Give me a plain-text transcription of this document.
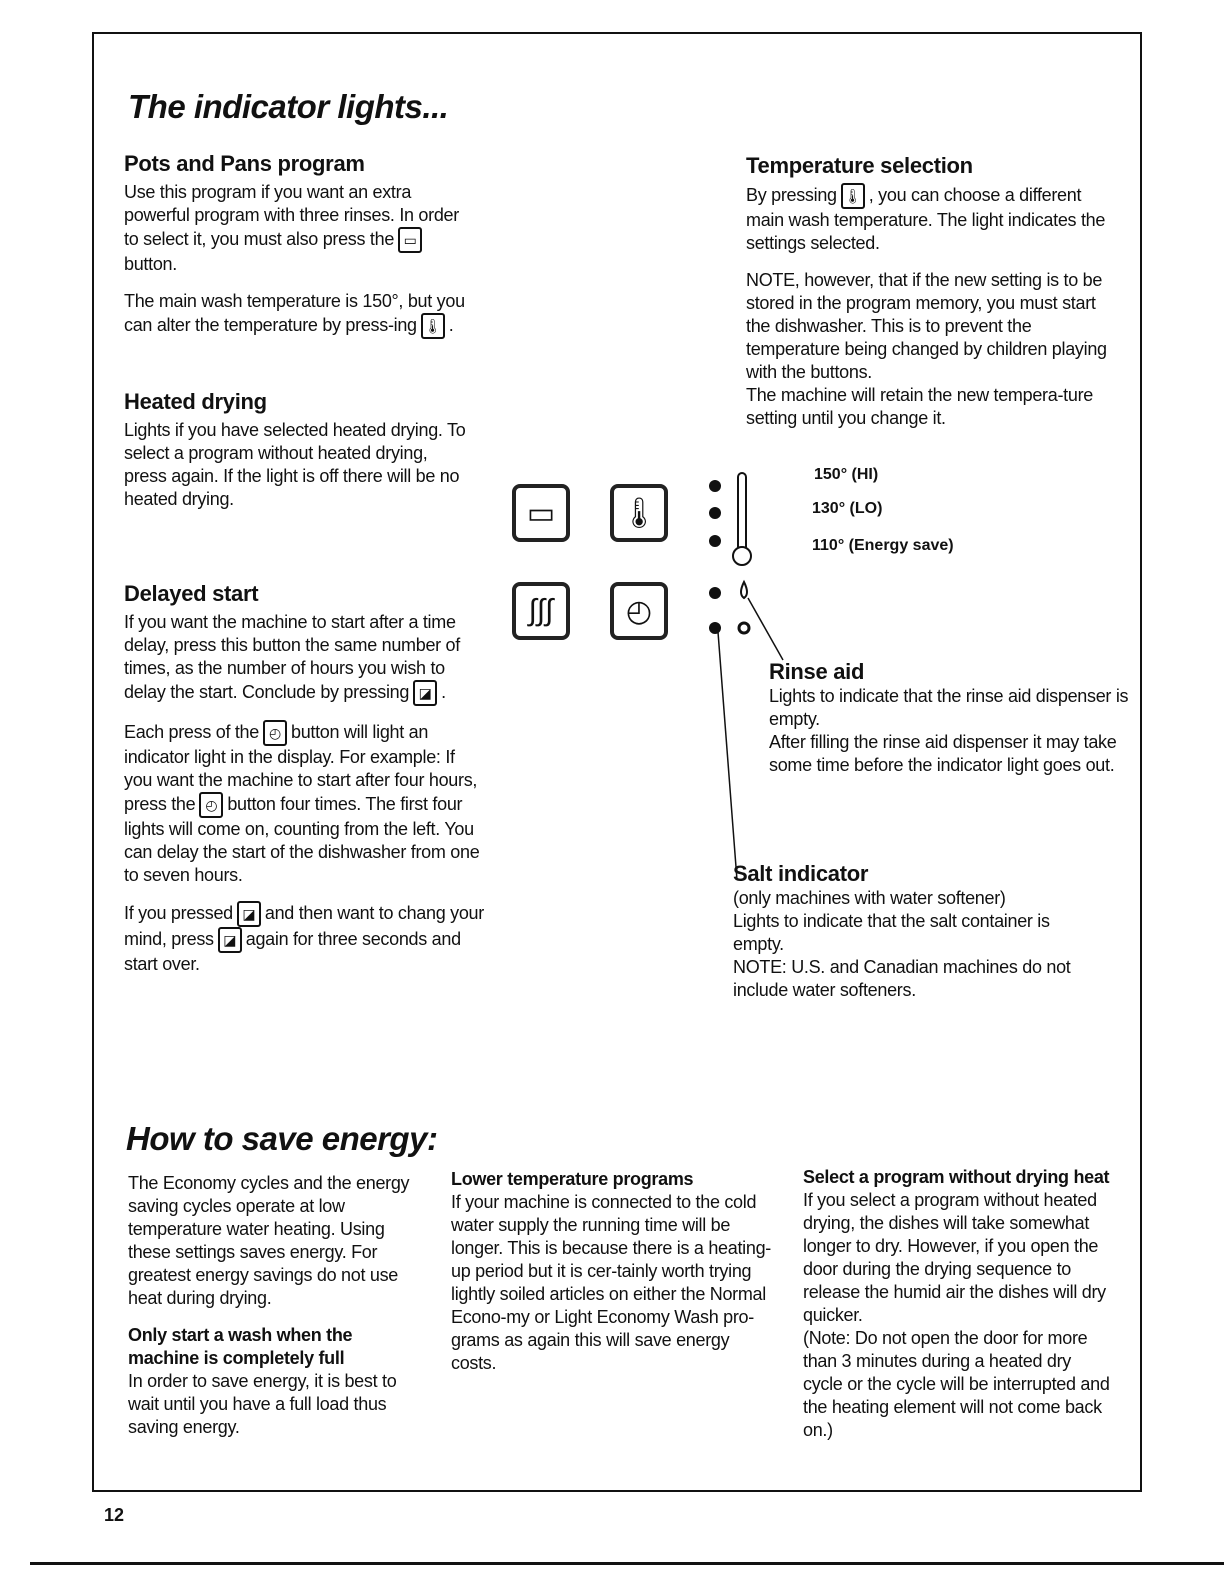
The indicator lights...
Pots and Pans program

Use this program if you want an extra powerful program with three rinses. In order to select it, you must also press the ▭button.

The main wash temperature is 150°, but you can alter the temperature by press-ing 🌡 .

Heated drying

Lights if you have selected heated drying. To select a program without heated drying, press again. If the light is off there will be no heated drying.

Delayed start

If you want the machine to start after a time delay, press this button the same number of times, as the number of hours you wish to delay the start. Conclude by pressing ◪ .

Each press of the ◴ button will light an indicator light in the display. For example: If you want the machine to start after four hours, press the ◴ button four times. The first four lights will come on, counting from the left. You can delay the start of the dishwasher from one to seven hours.

If you pressed ◪ and then want to chang your mind, press ◪ again for three seconds and start over.

Temperature selection

By pressing 🌡 , you can choose a different main wash temperature. The light indicates the settings selected.

NOTE, however, that if the new setting is to be stored in the program memory, you must start the dishwasher. This is to prevent the temperature being changed by children playing with the buttons.

The machine will retain the new tempera-ture setting until you change it.

▭	🌡
∫∫∫	◴
150° (HI)
130° (LO)
110° (Energy save)
Rinse aid

Lights to indicate that the rinse aid dispenser is empty.

After filling the rinse aid dispenser it may take some time before the indicator light goes out.

Salt indicator

(only machines with water softener)

Lights to indicate that the salt container is empty.

NOTE: U.S. and Canadian machines do not include water softeners.

How to save energy:

The Economy cycles and the energy saving cycles operate at low temperature water heating. Using these settings saves energy. For greatest energy savings do not use heat during drying.

Only start a wash when the machine is completely full

In order to save energy, it is best to wait until you have a full load thus saving energy.

Lower temperature programs

If your machine is connected to the cold water supply the running time will be longer. This is because there is a heating-up period but it is cer-tainly worth trying lightly soiled articles on either the Normal Econo-my or Light Economy Wash pro-grams as again this will save energy costs.

Select a program without drying heat

If you select a program without heated drying, the dishes will take somewhat longer to dry. However, if you open the door during the drying sequence to release the humid air the dishes will dry quicker.

(Note: Do not open the door for more than 3 minutes during a heated dry cycle or the cycle will be interrupted and the heating element will not come back on.)

12
